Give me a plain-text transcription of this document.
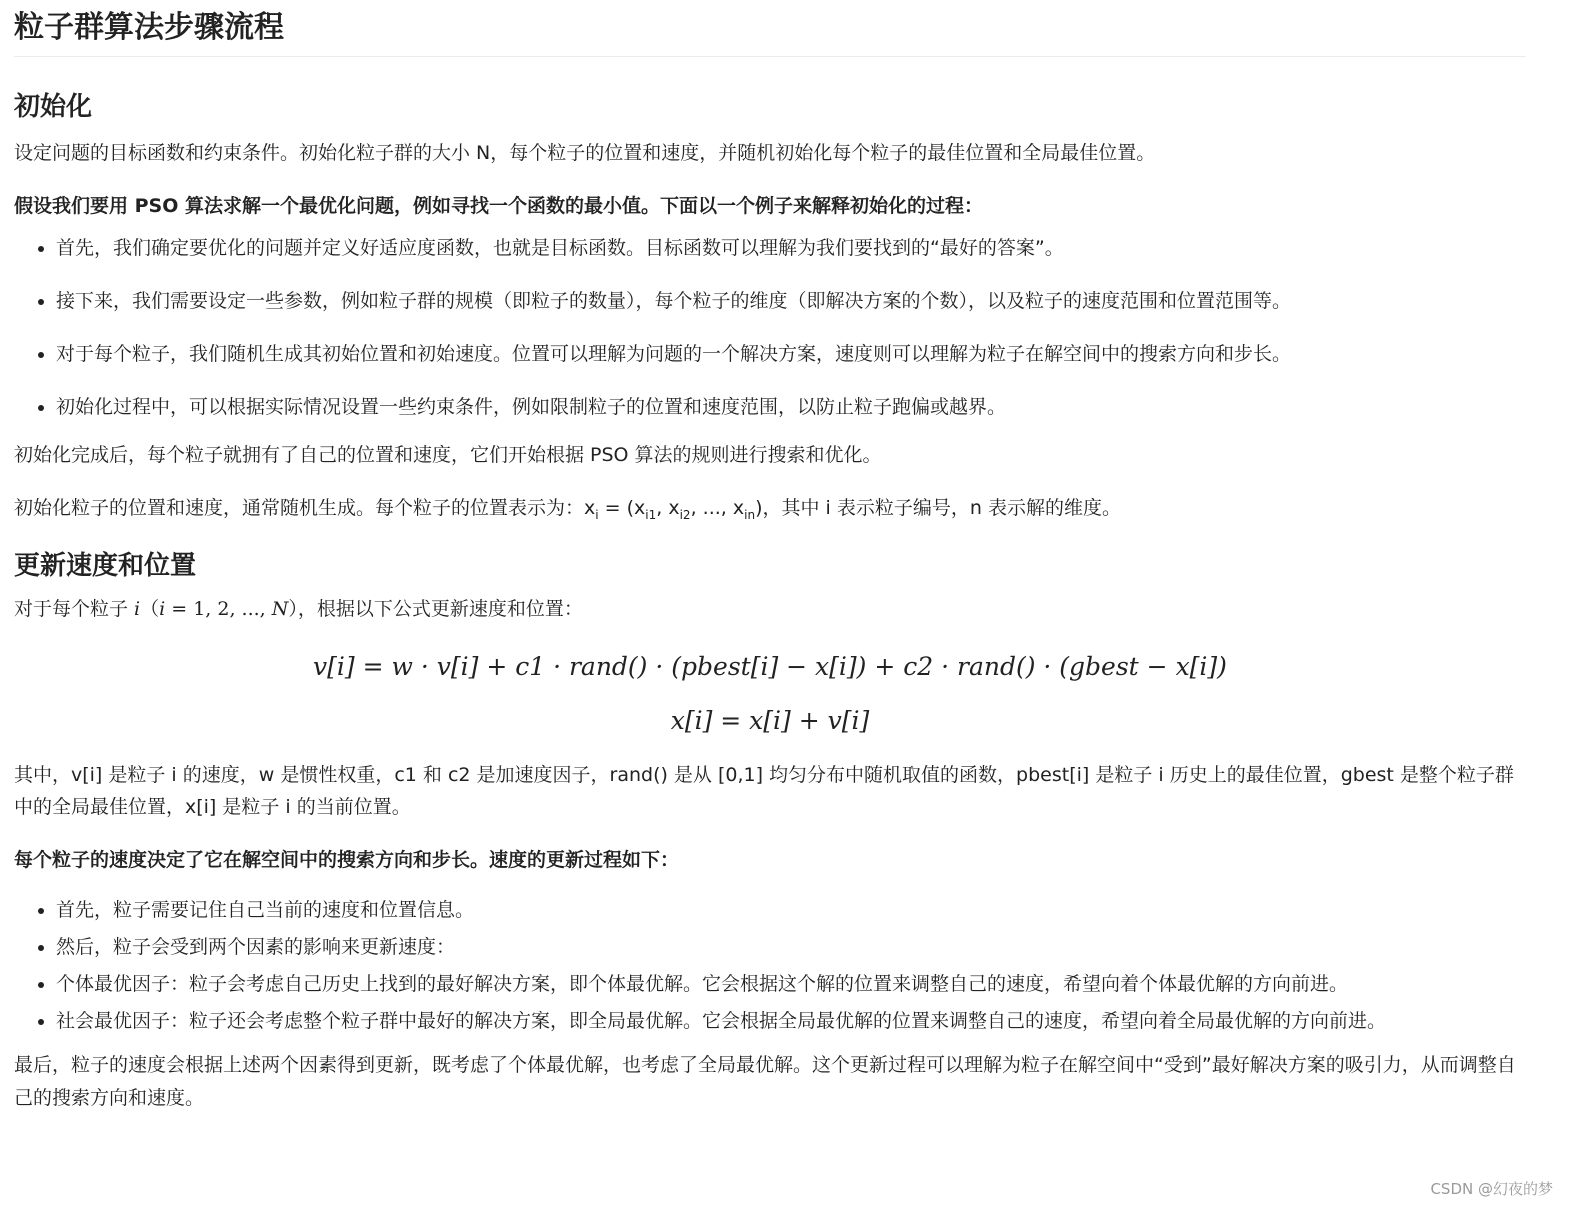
粒子群算法步骤流程
初始化

设定问题的目标函数和约束条件。初始化粒子群的大小 N，每个粒子的位置和速度，并随机初始化每个粒子的最佳位置和全局最佳位置。

假设我们要用 PSO 算法求解一个最优化问题，例如寻找一个函数的最小值。下面以一个例子来解释初始化的过程：

• 首先，我们确定要优化的问题并定义好适应度函数，也就是目标函数。目标函数可以理解为我们要找到的“最好的答案”。
• 接下来，我们需要设定一些参数，例如粒子群的规模（即粒子的数量），每个粒子的维度（即解决方案的个数），以及粒子的速度范围和位置范围等。
• 对于每个粒子，我们随机生成其初始位置和初始速度。位置可以理解为问题的一个解决方案，速度则可以理解为粒子在解空间中的搜索方向和步长。
• 初始化过程中，可以根据实际情况设置一些约束条件，例如限制粒子的位置和速度范围，以防止粒子跑偏或越界。

初始化完成后，每个粒子就拥有了自己的位置和速度，它们开始根据 PSO 算法的规则进行搜索和优化。

初始化粒子的位置和速度，通常随机生成。每个粒子的位置表示为：$x_i = (x_{i1}$, $x_{i2}$, ..., $x_{in}$)，其中 i 表示粒子编号，n 表示解的维度。

更新速度和位置

对于每个粒子 i（i = 1, 2, ..., N），根据以下公式更新速度和位置：

v[i] = w · v[i] + c1 · rand() · (pbest[i] − x[i]) + c2 · rand() · (gbest − x[i])
x[i] = x[i] + v[i]

其中，v[i] 是粒子 i 的速度，w 是惯性权重，c1 和 c2 是加速度因子，rand() 是从 [0,1] 均匀分布中随机取值的函数，pbest[i] 是粒子 i 历史上的最佳位置，gbest 是整个粒子群中的全局最佳位置，x[i] 是粒子 i 的当前位置。

每个粒子的速度决定了它在解空间中的搜索方向和步长。速度的更新过程如下：

• 首先，粒子需要记住自己当前的速度和位置信息。
• 然后，粒子会受到两个因素的影响来更新速度：
• 个体最优因子：粒子会考虑自己历史上找到的最好解决方案，即个体最优解。它会根据这个解的位置来调整自己的速度，希望向着个体最优解的方向前进。
• 社会最优因子：粒子还会考虑整个粒子群中最好的解决方案，即全局最优解。它会根据全局最优解的位置来调整自己的速度，希望向着全局最优解的方向前进。

最后，粒子的速度会根据上述两个因素得到更新，既考虑了个体最优解，也考虑了全局最优解。这个更新过程可以理解为粒子在解空间中“受到”最好解决方案的吸引力，从而调整自己的搜索方向和速度。

CSDN @幻夜的梦
